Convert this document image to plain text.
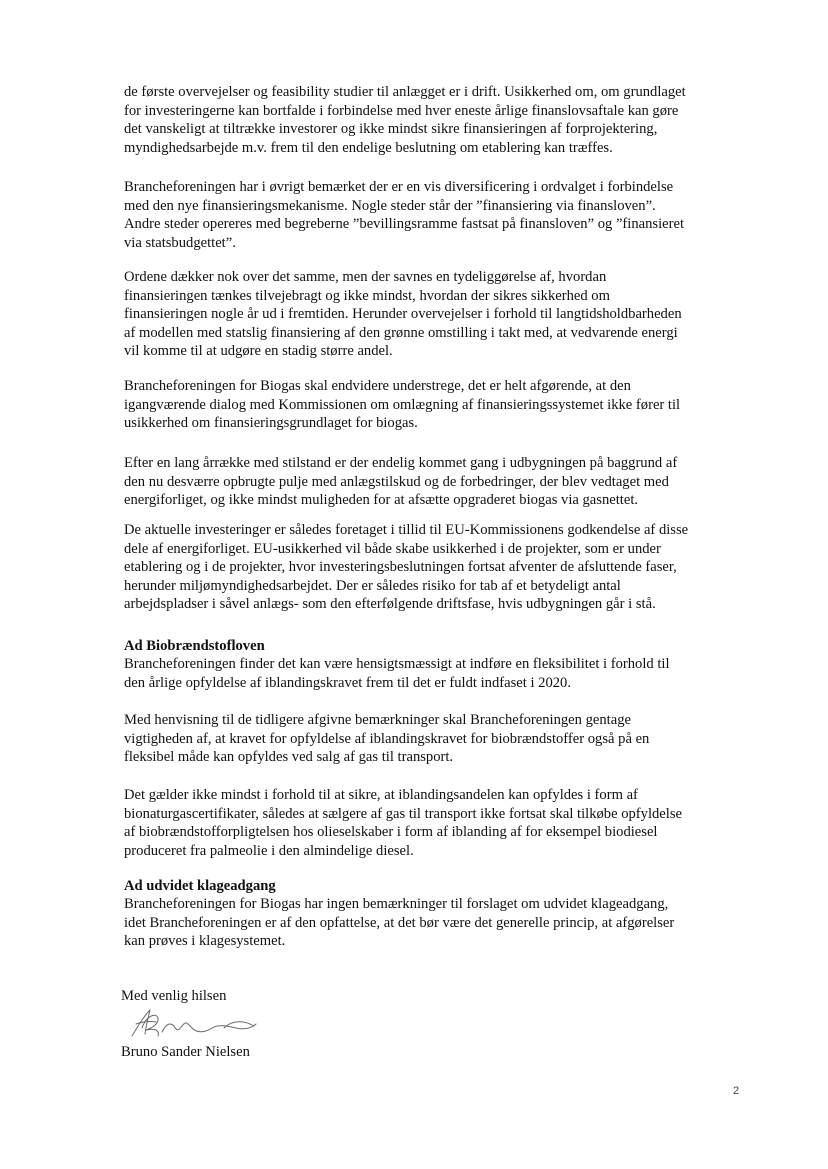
de første overvejelser og feasibility studier til anlægget er i drift. Usikkerhed om, om grundlaget
for investeringerne kan bortfalde i forbindelse med hver eneste årlige finanslovsaftale kan gøre
det vanskeligt at tiltrække investorer og ikke mindst sikre finansieringen af forprojektering,
myndighedsarbejde m.v. frem til den endelige beslutning om etablering kan træffes.
Brancheforeningen har i øvrigt bemærket der er en vis diversificering i ordvalget i forbindelse
med den nye finansieringsmekanisme. Nogle steder står der ”finansiering via finansloven”.
Andre steder opereres med begreberne ”bevillingsramme fastsat på finansloven” og ”finansieret
via statsbudgettet”.
Ordene dækker nok over det samme, men der savnes en tydeliggørelse af, hvordan
finansieringen tænkes tilvejebragt og ikke mindst, hvordan der sikres sikkerhed om
finansieringen nogle år ud i fremtiden. Herunder overvejelser i forhold til langtidsholdbarheden
af modellen med statslig finansiering af den grønne omstilling i takt med, at vedvarende energi
vil komme til at udgøre en stadig større andel.
Brancheforeningen for Biogas skal endvidere understrege, det er helt afgørende, at den
igangværende dialog med Kommissionen om omlægning af finansieringssystemet ikke fører til
usikkerhed om finansieringsgrundlaget for biogas.
Efter en lang årrække med stilstand er der endelig kommet gang i udbygningen på baggrund af
den nu desværre opbrugte pulje med anlægstilskud og de forbedringer, der blev vedtaget med
energiforliget, og ikke mindst muligheden for at afsætte opgraderet biogas via gasnettet.
De aktuelle investeringer er således foretaget i tillid til EU-Kommissionens godkendelse af disse
dele af energiforliget. EU-usikkerhed vil både skabe usikkerhed i de projekter, som er under
etablering og i de projekter, hvor investeringsbeslutningen fortsat afventer de afsluttende faser,
herunder miljømyndighedsarbejdet. Der er således risiko for tab af et betydeligt antal
arbejdspladser i såvel anlægs- som den efterfølgende driftsfase, hvis udbygningen går i stå.
Ad Biobrændstofloven
Brancheforeningen finder det kan være hensigtsmæssigt at indføre en fleksibilitet i forhold til
den årlige opfyldelse af iblandingskravet frem til det er fuldt indfaset i 2020.
Med henvisning til de tidligere afgivne bemærkninger skal Brancheforeningen gentage
vigtigheden af, at kravet for opfyldelse af iblandingskravet for biobrændstoffer også på en
fleksibel måde kan opfyldes ved salg af gas til transport.
Det gælder ikke mindst i forhold til at sikre, at iblandingsandelen kan opfyldes i form af
bionaturgascertifikater, således at sælgere af gas til transport ikke fortsat skal tilkøbe opfyldelse
af biobrændstofforpligtelsen hos olieselskaber i form af iblanding af for eksempel biodiesel
produceret fra palmeolie i den almindelige diesel.
Ad udvidet klageadgang
Brancheforeningen for Biogas har ingen bemærkninger til forslaget om udvidet klageadgang,
idet Brancheforeningen er af den opfattelse, at det bør være det generelle princip, at afgørelser
kan prøves i klagesystemet.
Med venlig hilsen
Bruno Sander Nielsen
2
